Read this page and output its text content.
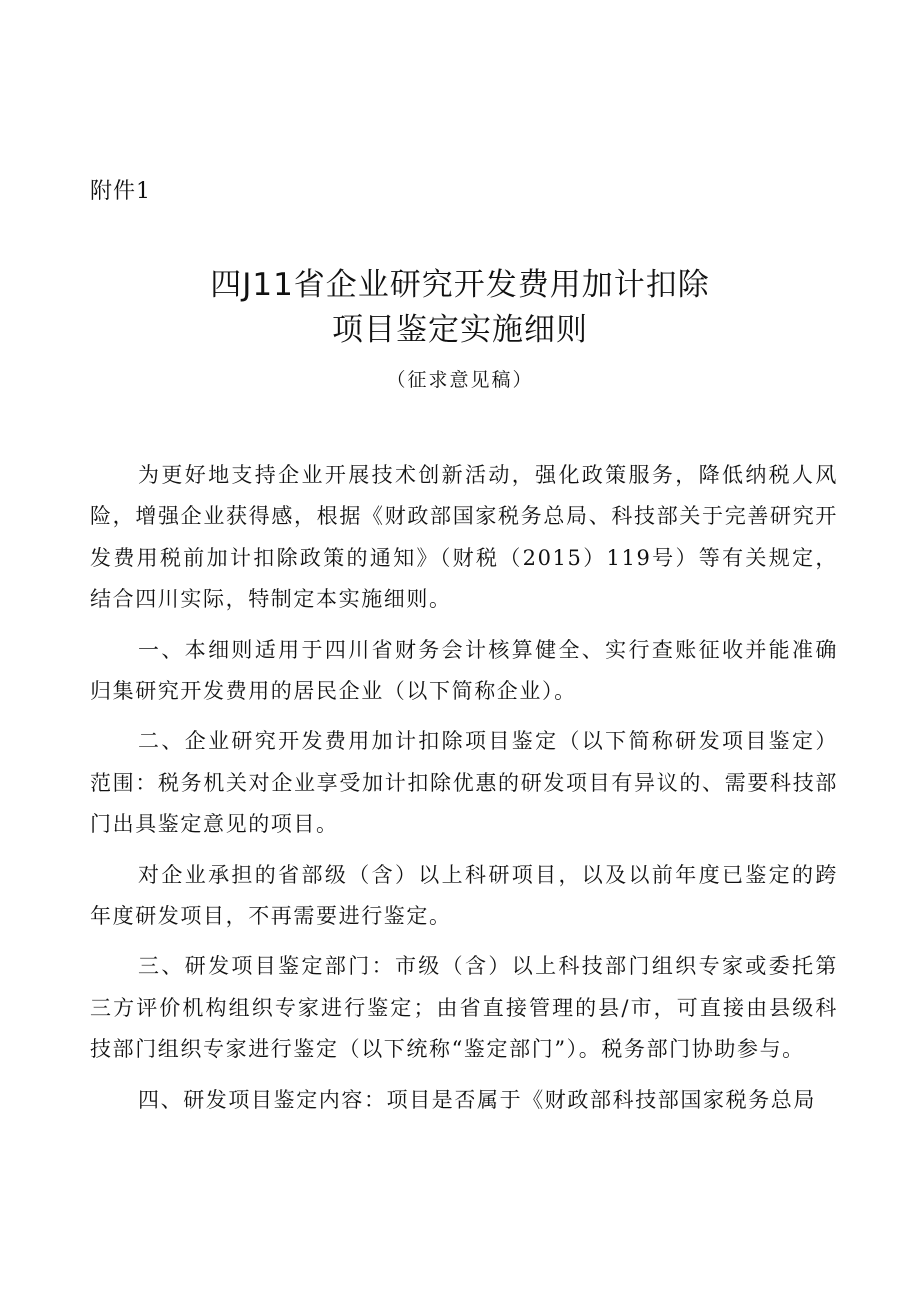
附件1
四J11省企业研究开发费用加计扣除
项目鉴定实施细则
（征求意见稿）

为更好地支持企业开展技术创新活动，强化政策服务，降低纳税人风险，增强企业获得感，根据《财政部国家税务总局、科技部关于完善研究开发费用税前加计扣除政策的通知》（财税（2015）119号）等有关规定，结合四川实际，特制定本实施细则。

一、本细则适用于四川省财务会计核算健全、实行查账征收并能准确归集研究开发费用的居民企业（以下简称企业）。

二、企业研究开发费用加计扣除项目鉴定（以下简称研发项目鉴定）范围：税务机关对企业享受加计扣除优惠的研发项目有异议的、需要科技部门出具鉴定意见的项目。

对企业承担的省部级（含）以上科研项目，以及以前年度已鉴定的跨年度研发项目，不再需要进行鉴定。

三、研发项目鉴定部门：市级（含）以上科技部门组织专家或委托第三方评价机构组织专家进行鉴定；由省直接管理的县/市，可直接由县级科技部门组织专家进行鉴定（以下统称“鉴定部门”）。税务部门协助参与。

四、研发项目鉴定内容：项目是否属于《财政部科技部国家税务总局
